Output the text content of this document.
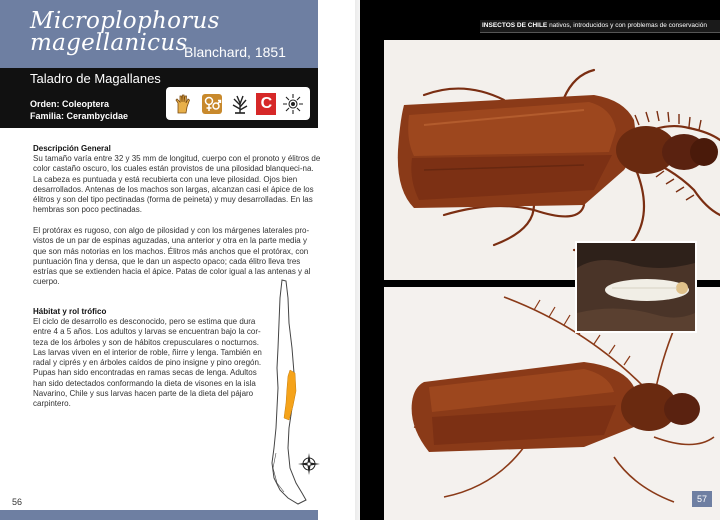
Microplophorus
magellanicus
Blanchard, 1851
Taladro de Magallanes
Orden: Coleoptera
Familia: Cerambycidae
C
Descripción General
Su tamaño varía entre 32 y 35 mm de longitud, cuerpo con el pronoto y élitros de color castaño oscuro, los cuales están provistos de una pilosidad blanqueci-na. La cabeza es puntuada y está recubierta con una leve pilosidad. Ojos bien desarrollados. Antenas de los machos son largas, alcanzan casi el ápice de los élitros y son del tipo pectinadas (forma de peineta) y muy desarrolladas. En las hembras son poco pectinadas.
El protórax es rugoso, con algo de pilosidad y con los márgenes laterales pro-vistos de un par de espinas aguzadas, una anterior y otra en la parte media y que son más notorias en los machos. Élitros más anchos que el protórax, con puntuación fina y densa, que le dan un aspecto opaco; cada élitro lleva tres estrías que se extienden hacia el ápice. Patas de color igual a las antenas y al cuerpo.
Hábitat y rol trófico
El ciclo de desarrollo es desconocido, pero se estima que dura entre 4 a 5 años. Los adultos y larvas se encuentran bajo la cor-teza de los árboles y son de hábitos crepusculares o nocturnos. Las larvas viven en el interior de roble, ñirre y lenga. También en radal y ciprés y en árboles caídos de pino insigne y pino oregón. Pupas han sido encontradas en ramas secas de lenga. Adultos han sido detectados conformando la dieta de visones en la isla Navarino, Chile y sus larvas hacen parte de la dieta del pájaro carpintero.
56
INSECTOS DE CHILE nativos, introducidos y con problemas de conservación
57
